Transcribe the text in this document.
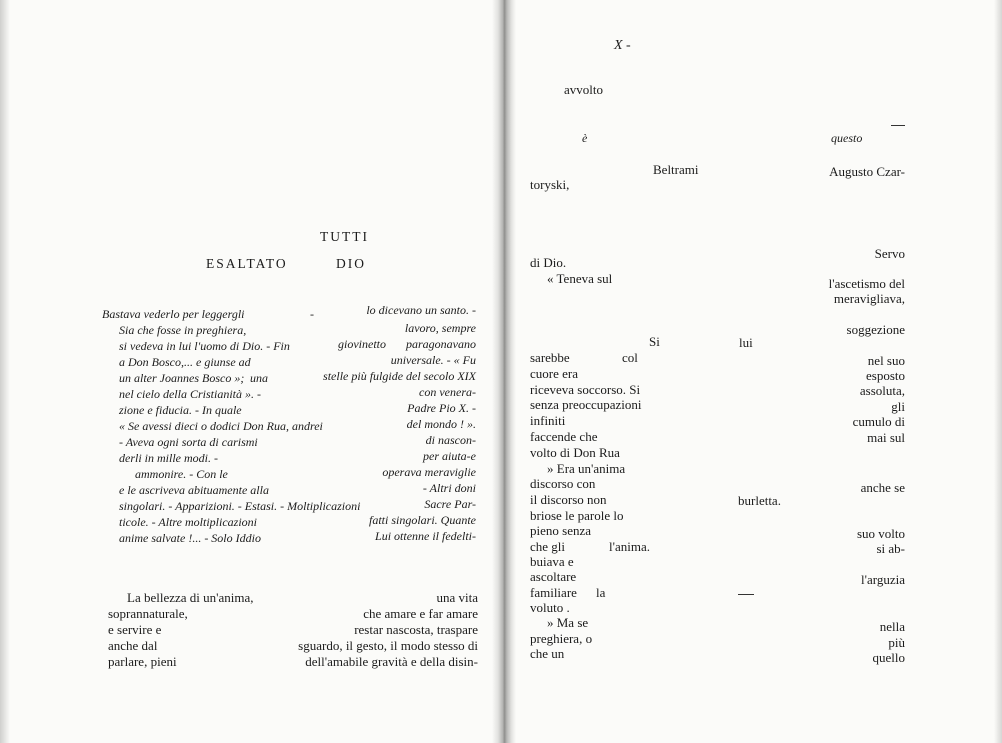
TUTTI
ESALTATO	DIO
Bastava vederlo per leggergli	-	lo dicevano un santo. -
Sia che fosse in preghiera,	lavoro, sempre
si vedeva in lui l'uomo di Dio. - Fin	giovinetto paragonavano
a Don Bosco,... e giunse ad	universale. - « Fu
un alter Joannes Bosco »; una	stelle più fulgide del secolo XIX
nel cielo della Cristianità ». -	con venera-
zione e fiducia. - In quale	Padre Pio X. -
« Se avessi dieci o dodici Don Rua, andrei	del mondo ! ».
- Aveva ogni sorta di carismi	di nascon-
derli in mille modi. -	per aiuta-e
ammonire. - Con le	operava meraviglie
e le ascriveva abituamente alla	- Altri doni
singolari. - Apparizioni. - Estasi. - Moltiplicazioni	Sacre Par-
ticole. - Altre moltiplicazioni	fatti singolari. Quante
anime salvate !... - Solo Iddio	Lui ottenne il fedelti-
La bellezza di un'anima,	una vita
soprannaturale,	che amare e far amare
e servire e	restar nascosta, traspare
anche dal	sguardo, il gesto, il modo stesso di
parlare, pieni	dell'amabile gravità e della disin-
X -
avvolto
è	questo
Beltrami	Augusto Czar-
toryski,
Servo
di Dio.
« Teneva sul	l'ascetismo del
meravigliava,
soggezione
Si	lui
sarebbe	col	nel suo
cuore era	esposto
riceveva soccorso. Si	assoluta,
senza preoccupazioni	gli
infiniti	cumulo di
faccende che	mai sul
volto di Don Rua
» Era un'anima
discorso con	anche se
il discorso non	burletta.
briose le parole lo
pieno senza	suo volto
che gli	l'anima.	si ab-
buiava e
ascoltare	l'arguzia
familiare la
voluto .
» Ma se	nella
preghiera, o	più
che un	quello
